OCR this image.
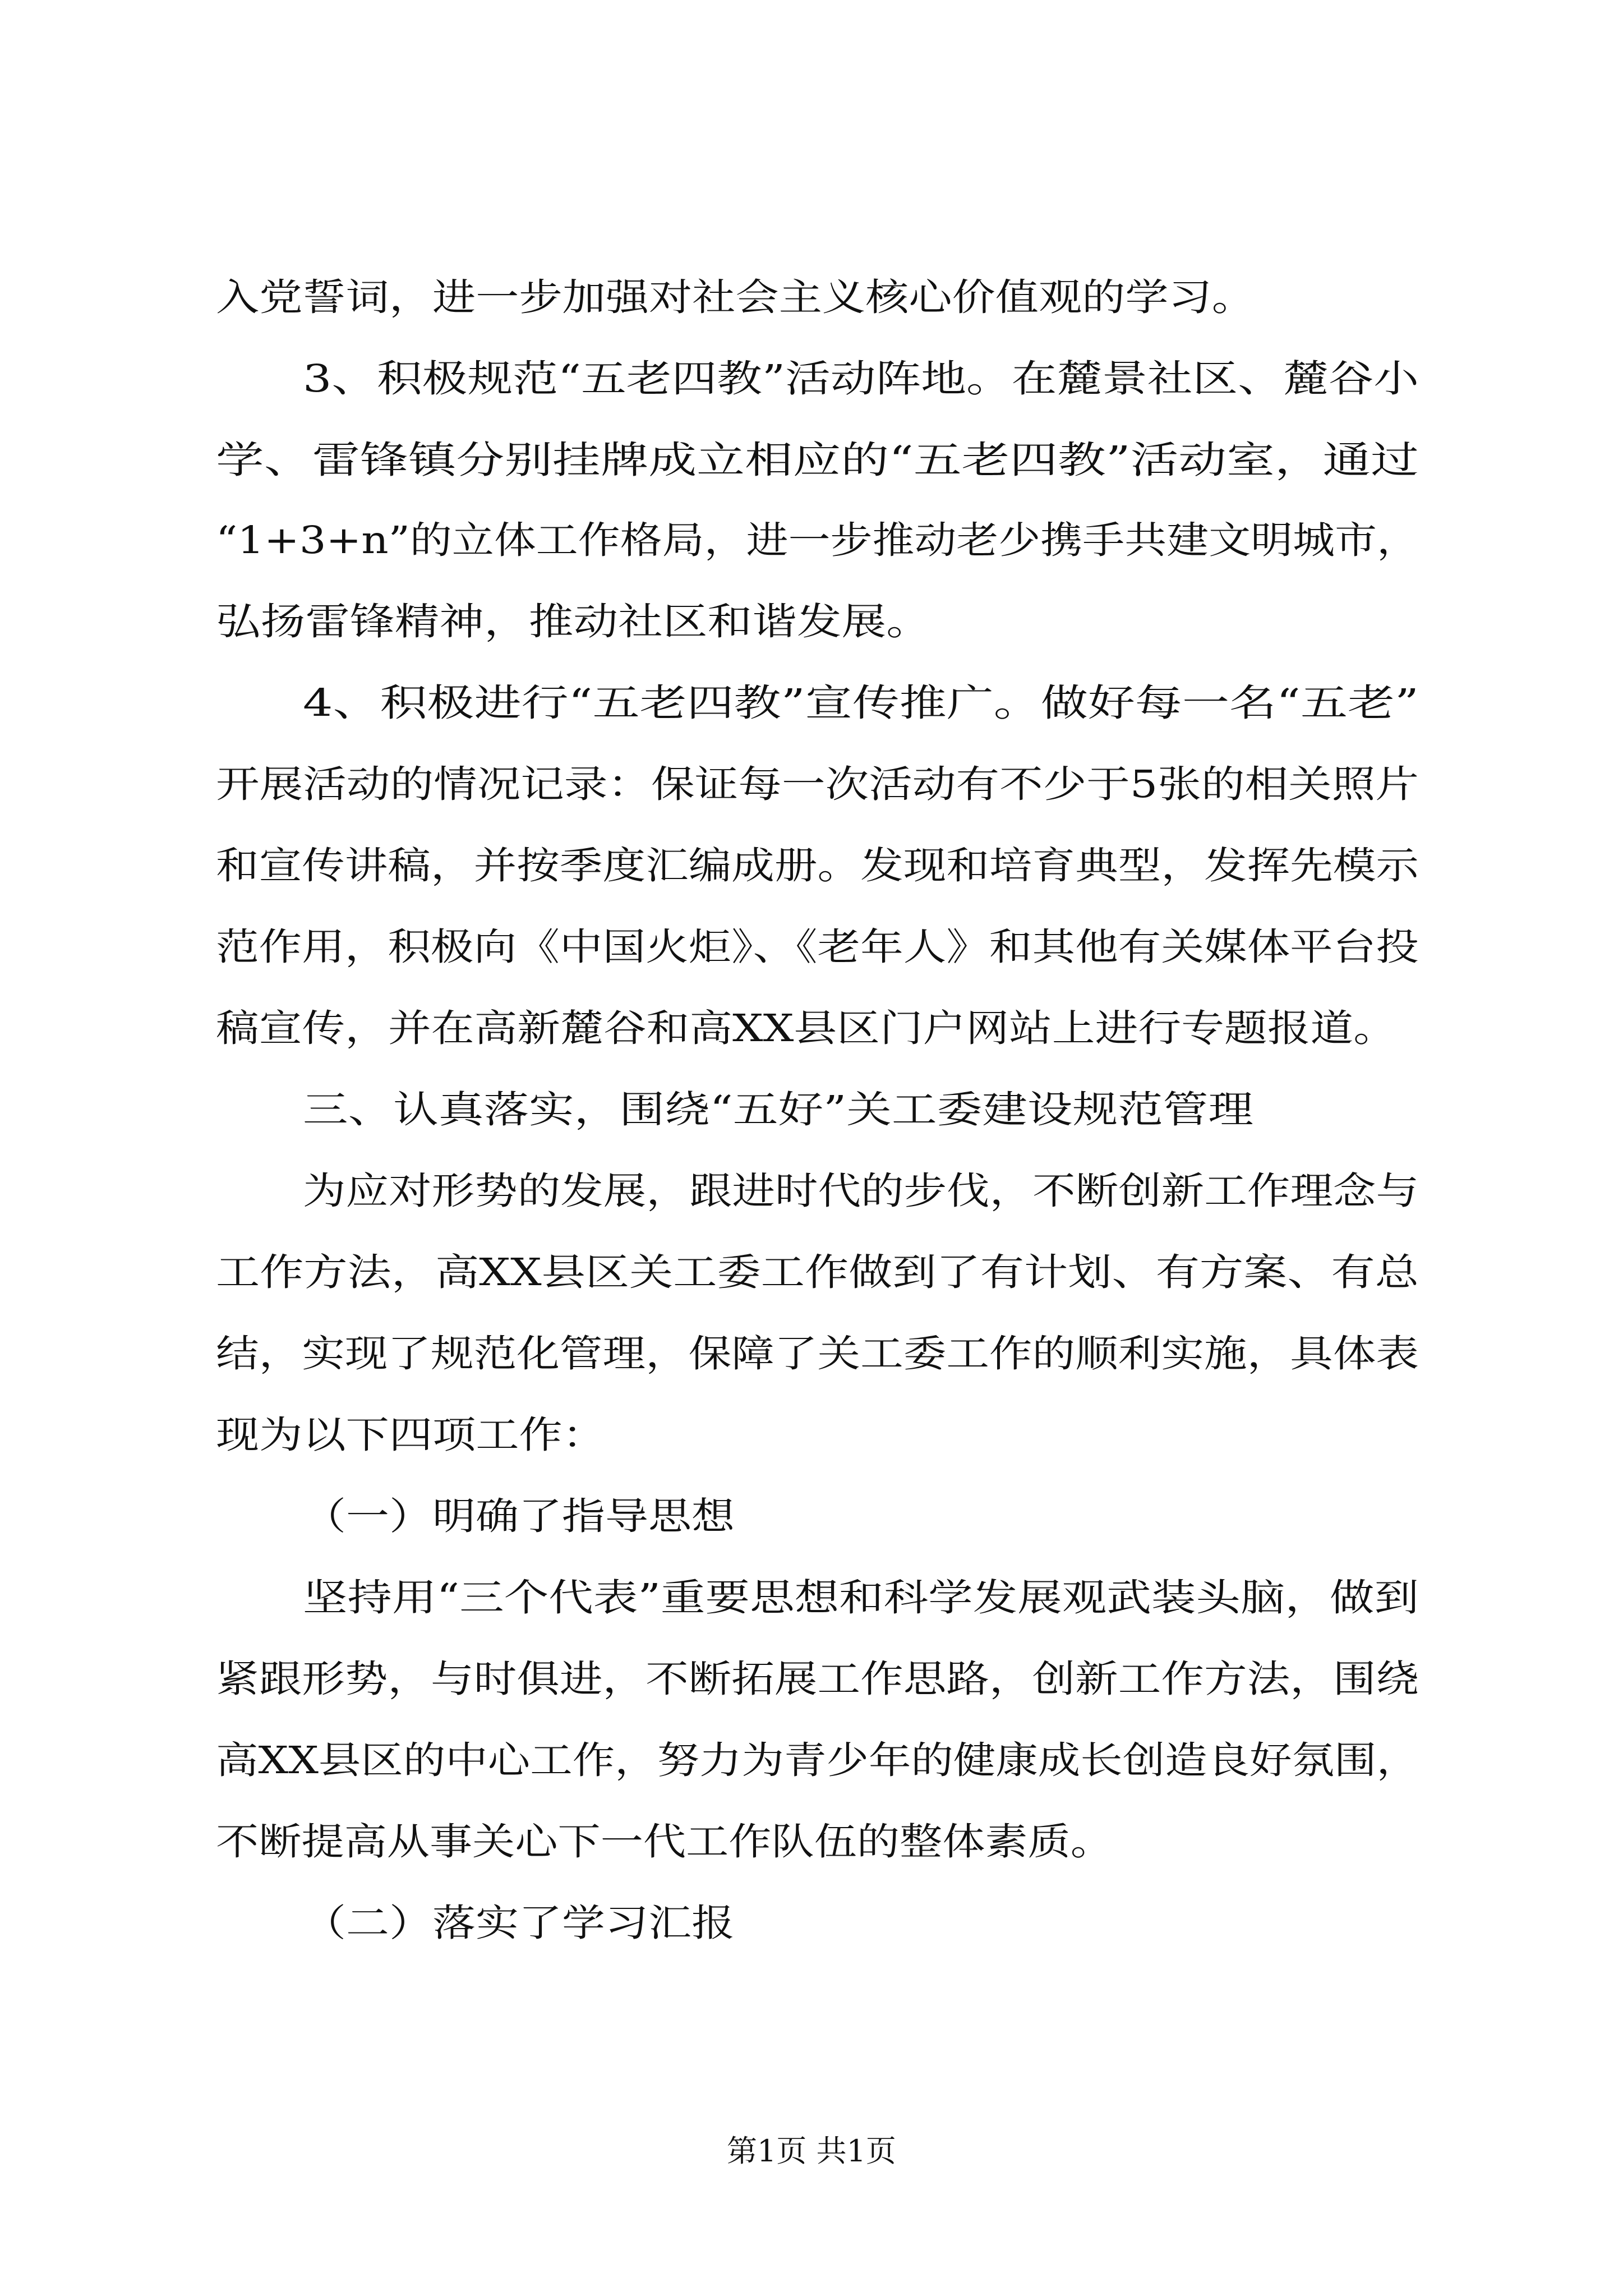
入党誓词，进一步加强对社会主义核心价值观的学习。
3、积极规范“五老四教”活动阵地。在麓景社区、麓谷小
学、雷锋镇分别挂牌成立相应的“五老四教”活动室，通过
“1+3+n”的立体工作格局，进一步推动老少携手共建文明城市，
弘扬雷锋精神，推动社区和谐发展。
4、积极进行“五老四教”宣传推广。做好每一名“五老”
开展活动的情况记录：保证每一次活动有不少于5张的相关照片
和宣传讲稿，并按季度汇编成册。发现和培育典型，发挥先模示
范作用，积极向《中国火炬》、《老年人》和其他有关媒体平台投
稿宣传，并在高新麓谷和高XX县区门户网站上进行专题报道。
三、认真落实，围绕“五好”关工委建设规范管理
为应对形势的发展，跟进时代的步伐，不断创新工作理念与
工作方法，高XX县区关工委工作做到了有计划、有方案、有总
结，实现了规范化管理，保障了关工委工作的顺利实施，具体表
现为以下四项工作：
（一）明确了指导思想
坚持用“三个代表”重要思想和科学发展观武装头脑，做到
紧跟形势，与时俱进，不断拓展工作思路，创新工作方法，围绕
高XX县区的中心工作，努力为青少年的健康成长创造良好氛围，
不断提高从事关心下一代工作队伍的整体素质。
（二）落实了学习汇报
第1页 共1页
